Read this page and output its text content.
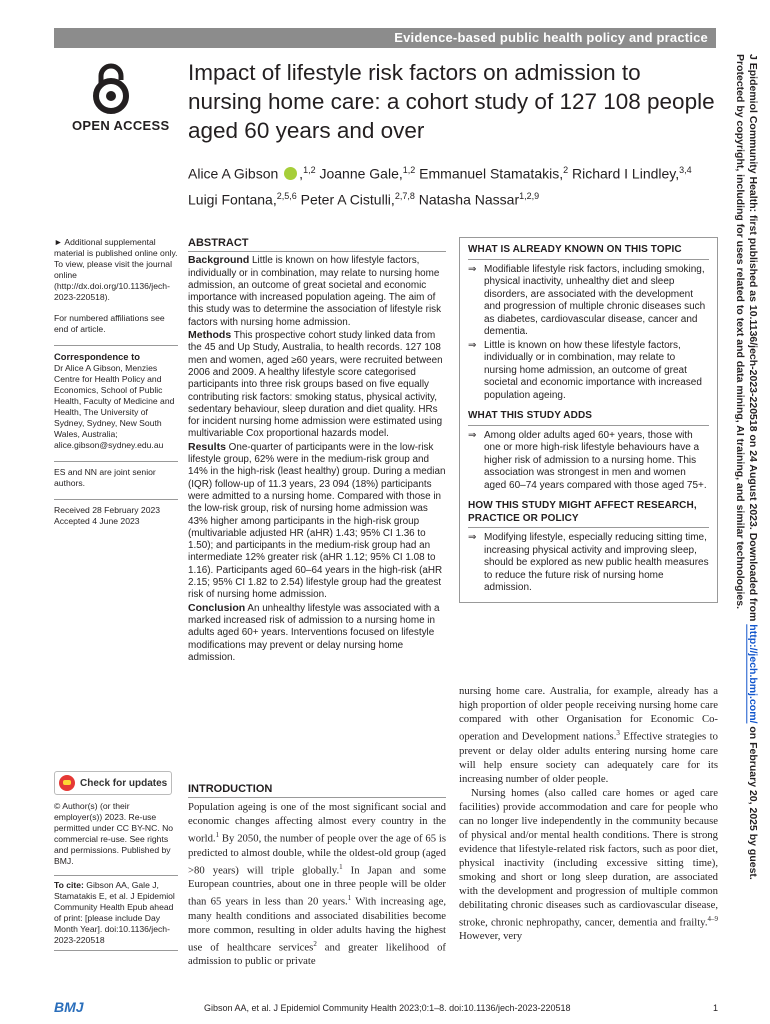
Evidence-based public health policy and practice
OPEN ACCESS
Impact of lifestyle risk factors on admission to nursing home care: a cohort study of 127 108 people aged 60 years and over
Alice A Gibson ,$^{1,2}$ Joanne Gale,$^{1,2}$ Emmanuel Stamatakis,$^2$ Richard I Lindley,$^{3,4}$
Luigi Fontana,$^{2,5,6}$ Peter A Cistulli,$^{2,7,8}$ Natasha Nassar$^{1,2,9}$	J Epidemiol Community Health: first published as 10.1136/jech-2023-220518 on 24 August 2023. Downloaded from http://jech.bmj.com/ on February 20, 2025 by guest.
Protected by copyright, including for uses related to text and data mining, AI training, and similar technologies.
► Additional supplemental material is published online only. To view, please visit the journal online (http://dx.doi.org/10.1136/jech-2023-220518).
For numbered affiliations see end of article.
Correspondence to
Dr Alice A Gibson, Menzies Centre for Health Policy and Economics, School of Public Health, Faculty of Medicine and Health, The University of Sydney, Sydney, New South Wales, Australia; alice.gibson@sydney.edu.au
ES and NN are joint senior authors.
Received 28 February 2023
Accepted 4 June 2023
Check for updates
© Author(s) (or their employer(s)) 2023. Re-use permitted under CC BY-NC. No commercial re-use. See rights and permissions. Published by BMJ.
To cite: Gibson AA, Gale J, Stamatakis E, et al. J Epidemiol Community Health Epub ahead of print: [please include Day Month Year]. doi:10.1136/jech-2023-220518
ABSTRACT

Background Little is known on how lifestyle factors, individually or in combination, may relate to nursing home admission, an outcome of great societal and economic importance with increased population ageing. The aim of this study was to determine the association of lifestyle risk factors with nursing home admission.

Methods This prospective cohort study linked data from the 45 and Up Study, Australia, to health records. 127 108 men and women, aged ≥60 years, were recruited between 2006 and 2009. A healthy lifestyle score categorised participants into three risk groups based on five equally contributing risk factors: smoking status, physical activity, sedentary behaviour, sleep duration and diet quality. HRs for incident nursing home admission were estimated using multivariable Cox proportional hazards model.

Results One-quarter of participants were in the low-risk lifestyle group, 62% were in the medium-risk group and 14% in the high-risk (least healthy) group. During a median (IQR) follow-up of 11.3 years, 23 094 (18%) participants were admitted to a nursing home. Compared with those in the low-risk group, risk of nursing home admission was 43% higher among participants in the high-risk group (multivariable adjusted HR (aHR) 1.43; 95% CI 1.36 to 1.50); and participants in the medium-risk group had an intermediate 12% greater risk (aHR 1.12; 95% CI 1.08 to 1.16). Participants aged 60–64 years in the high-risk (aHR 2.15; 95% CI 1.82 to 2.54) lifestyle group had the greatest risk of nursing home admission.

Conclusion An unhealthy lifestyle was associated with a marked increased risk of admission to a nursing home in adults aged 60+ years. Interventions focused on lifestyle modifications may prevent or delay nursing home admission.

WHAT IS ALREADY KNOWN ON THIS TOPIC
⇒ Modifiable lifestyle risk factors, including smoking, physical inactivity, unhealthy diet and sleep disorders, are associated with the development and progression of multiple chronic diseases such as diabetes, cardiovascular disease, cancer and dementia.
⇒ Little is known on how these lifestyle factors, individually or in combination, may relate to nursing home admission, an outcome of great societal and economic importance with increased population ageing.
WHAT THIS STUDY ADDS
⇒ Among older adults aged 60+ years, those with one or more high-risk lifestyle behaviours have a higher risk of admission to a nursing home. This association was strongest in men and women aged 60–74 years compared with those aged 75+.
HOW THIS STUDY MIGHT AFFECT RESEARCH, PRACTICE OR POLICY
⇒ Modifying lifestyle, especially reducing sitting time, increasing physical activity and improving sleep, should be explored as new public health measures to reduce the future risk of nursing home admission.
INTRODUCTION

Population ageing is one of the most significant social and economic changes affecting almost every country in the world.$^1$ By 2050, the number of people over the age of 65 is predicted to almost double, while the oldest-old group (aged >80 years) will triple globally.$^1$ In Japan and some European countries, about one in three people will be older than 65 years in less than 20 years.$^1$ With increasing age, many health conditions and associated disabilities become more common, resulting in older adults having the highest use of healthcare services$^2$ and greater likelihood of admission to public or private

nursing home care. Australia, for example, already has a high proportion of older people receiving nursing home care compared with other Organisation for Economic Co-operation and Development nations.$^3$ Effective strategies to prevent or delay older adults entering nursing home care will help ensure society can adequately care for its increasing number of older people.

Nursing homes (also called care homes or aged care facilities) provide accommodation and care for people who can no longer live independently in the community because of physical and/or mental health conditions. There is strong evidence that lifestyle-related risk factors, such as poor diet, physical inactivity (including excessive sitting time), smoking and short or long sleep duration, are associated with the development and progression of multiple common debilitating chronic diseases such as cardiovascular disease, stroke, chronic nephropathy, cancer, dementia and frailty.$^{4-9}$ However, very

BMJ	Gibson AA, et al. J Epidemiol Community Health 2023;0:1–8. doi:10.1136/jech-2023-220518	1
